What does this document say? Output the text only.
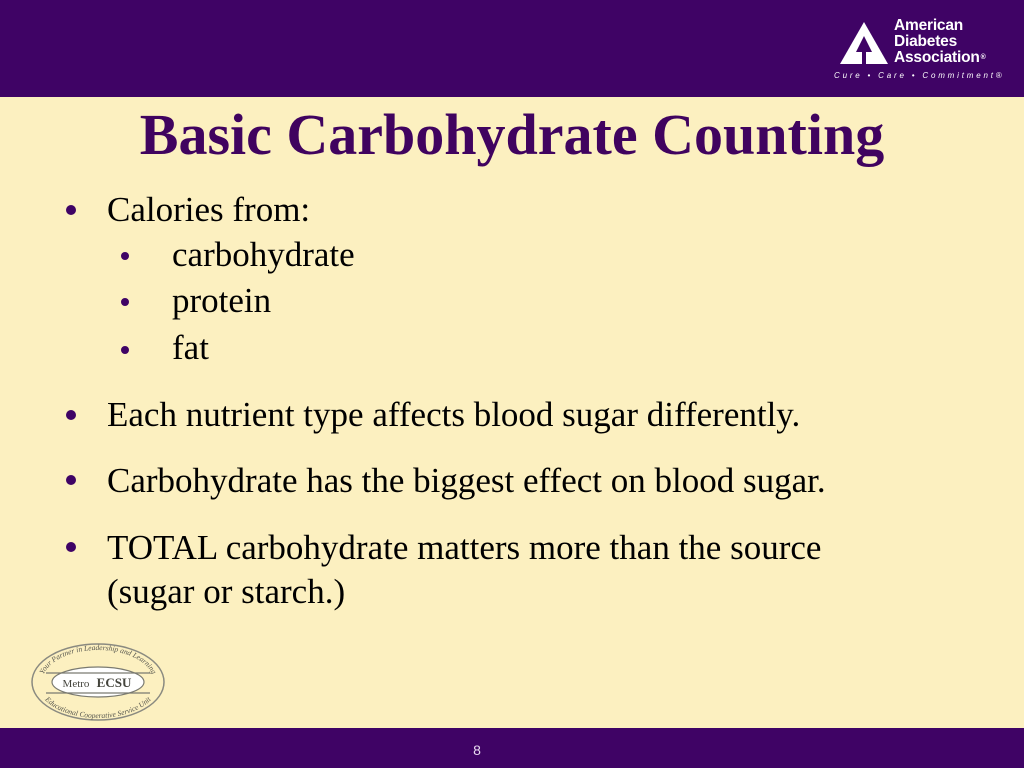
American
Diabetes
Association®
Cure • Care • Commitment®
Basic Carbohydrate Counting
Calories from:
carbohydrate
protein
fat
Each nutrient type affects blood sugar differently.
Carbohydrate has the biggest effect on blood sugar.
TOTAL carbohydrate matters more than the source
(sugar or starch.)
Your Partner in Leadership and Learning
Educational Cooperative Service Unit
Metro ECSU
8
